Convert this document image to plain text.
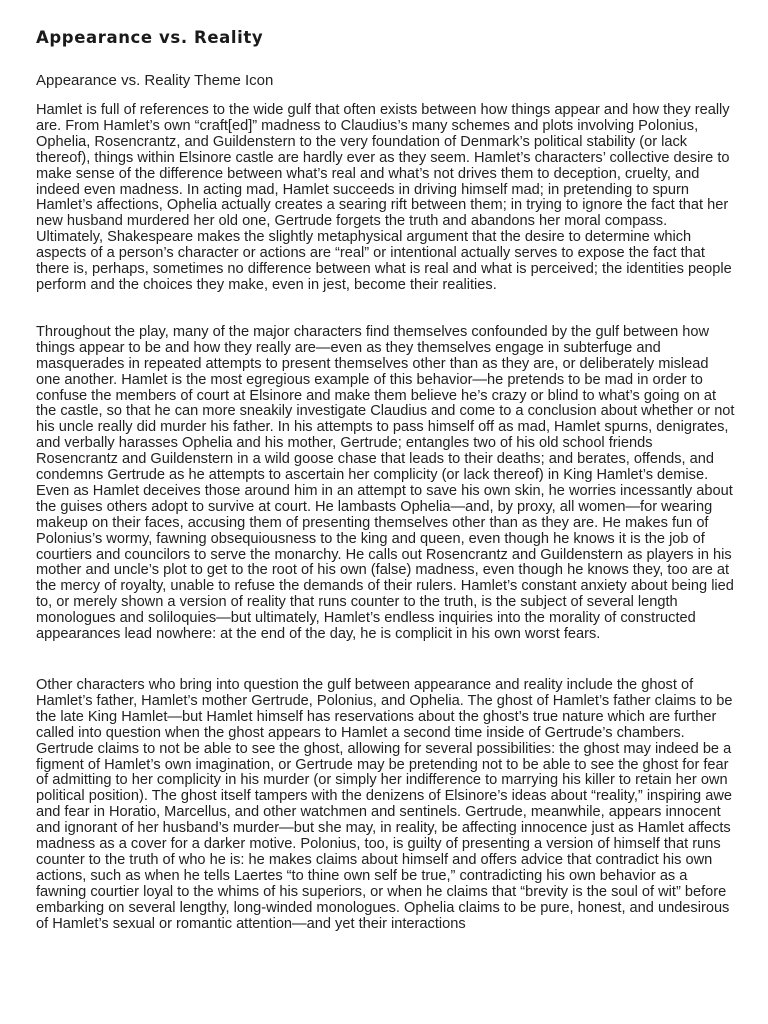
Appearance vs. Reality

Appearance vs. Reality Theme Icon

Hamlet is full of references to the wide gulf that often exists between how things appear and how they really are. From Hamlet’s own “craft[ed]” madness to Claudius’s many schemes and plots involving Polonius, Ophelia, Rosencrantz, and Guildenstern to the very foundation of Denmark’s political stability (or lack thereof), things within Elsinore castle are hardly ever as they seem. Hamlet’s characters’ collective desire to make sense of the difference between what’s real and what’s not drives them to deception, cruelty, and indeed even madness. In acting mad, Hamlet succeeds in driving himself mad; in pretending to spurn Hamlet’s affections, Ophelia actually creates a searing rift between them; in trying to ignore the fact that her new husband murdered her old one, Gertrude forgets the truth and abandons her moral compass. Ultimately, Shakespeare makes the slightly metaphysical argument that the desire to determine which aspects of a person’s character or actions are “real” or intentional actually serves to expose the fact that there is, perhaps, sometimes no difference between what is real and what is perceived; the identities people perform and the choices they make, even in jest, become their realities.

Throughout the play, many of the major characters find themselves confounded by the gulf between how things appear to be and how they really are—even as they themselves engage in subterfuge and masquerades in repeated attempts to present themselves other than as they are, or deliberately mislead one another. Hamlet is the most egregious example of this behavior—he pretends to be mad in order to confuse the members of court at Elsinore and make them believe he’s crazy or blind to what’s going on at the castle, so that he can more sneakily investigate Claudius and come to a conclusion about whether or not his uncle really did murder his father. In his attempts to pass himself off as mad, Hamlet spurns, denigrates, and verbally harasses Ophelia and his mother, Gertrude; entangles two of his old school friends Rosencrantz and Guildenstern in a wild goose chase that leads to their deaths; and berates, offends, and condemns Gertrude as he attempts to ascertain her complicity (or lack thereof) in King Hamlet’s demise. Even as Hamlet deceives those around him in an attempt to save his own skin, he worries incessantly about the guises others adopt to survive at court. He lambasts Ophelia—and, by proxy, all women—for wearing makeup on their faces, accusing them of presenting themselves other than as they are. He makes fun of Polonius’s wormy, fawning obsequiousness to the king and queen, even though he knows it is the job of courtiers and councilors to serve the monarchy. He calls out Rosencrantz and Guildenstern as players in his mother and uncle’s plot to get to the root of his own (false) madness, even though he knows they, too are at the mercy of royalty, unable to refuse the demands of their rulers. Hamlet’s constant anxiety about being lied to, or merely shown a version of reality that runs counter to the truth, is the subject of several length monologues and soliloquies—but ultimately, Hamlet’s endless inquiries into the morality of constructed appearances lead nowhere: at the end of the day, he is complicit in his own worst fears.

Other characters who bring into question the gulf between appearance and reality include the ghost of Hamlet’s father, Hamlet’s mother Gertrude, Polonius, and Ophelia. The ghost of Hamlet’s father claims to be the late King Hamlet—but Hamlet himself has reservations about the ghost’s true nature which are further called into question when the ghost appears to Hamlet a second time inside of Gertrude’s chambers. Gertrude claims to not be able to see the ghost, allowing for several possibilities: the ghost may indeed be a figment of Hamlet’s own imagination, or Gertrude may be pretending not to be able to see the ghost for fear of admitting to her complicity in his murder (or simply her indifference to marrying his killer to retain her own political position). The ghost itself tampers with the denizens of Elsinore’s ideas about “reality,” inspiring awe and fear in Horatio, Marcellus, and other watchmen and sentinels. Gertrude, meanwhile, appears innocent and ignorant of her husband’s murder—but she may, in reality, be affecting innocence just as Hamlet affects madness as a cover for a darker motive. Polonius, too, is guilty of presenting a version of himself that runs counter to the truth of who he is: he makes claims about himself and offers advice that contradict his own actions, such as when he tells Laertes “to thine own self be true,” contradicting his own behavior as a fawning courtier loyal to the whims of his superiors, or when he claims that “brevity is the soul of wit” before embarking on several lengthy, long-winded monologues. Ophelia claims to be pure, honest, and undesirous of Hamlet’s sexual or romantic attention—and yet their interactions
